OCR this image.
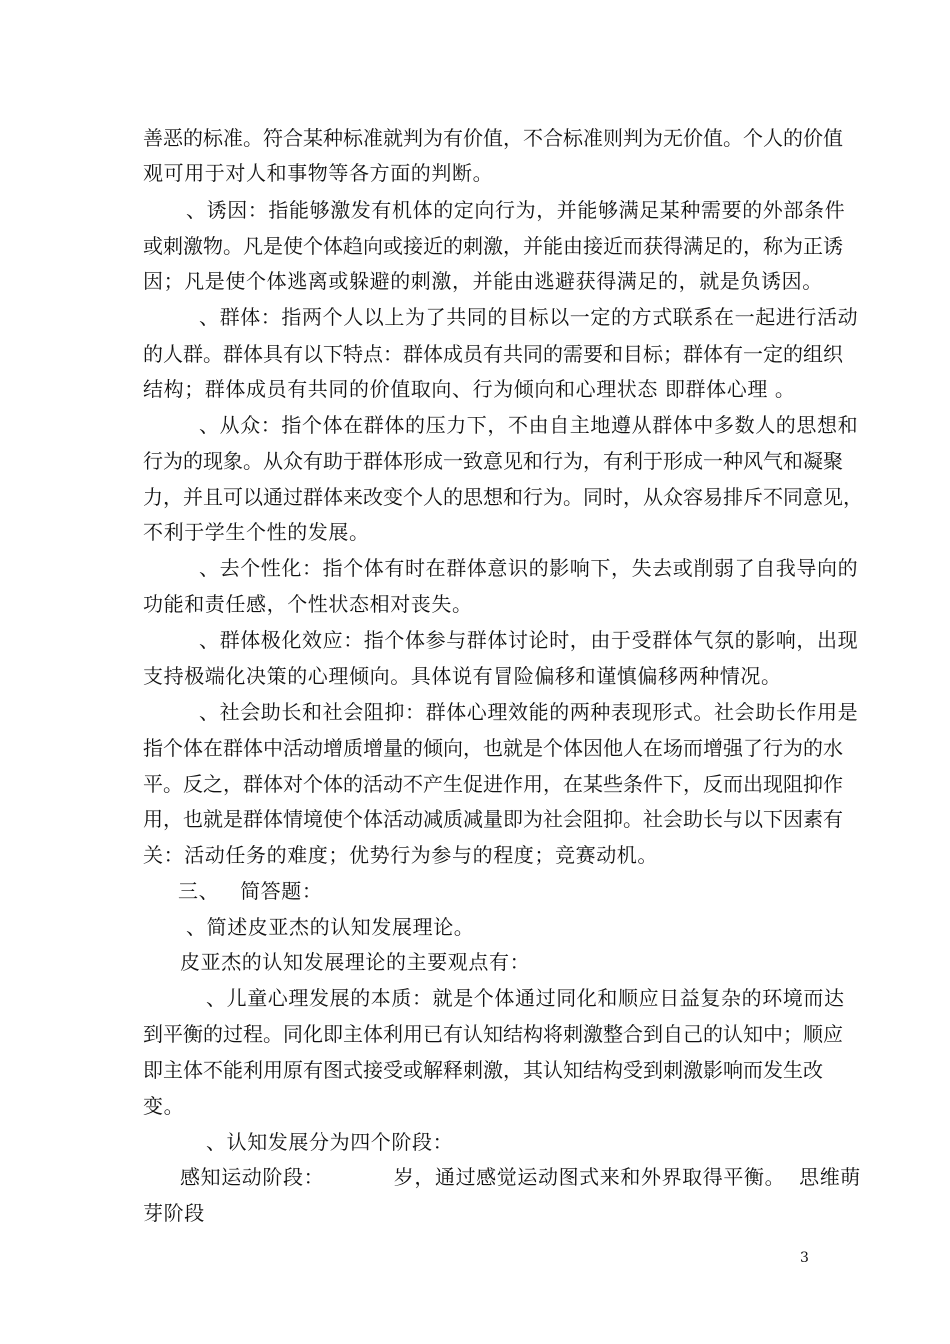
善恶的标准。符合某种标准就判为有价值，不合标准则判为无价值。个人的价值
观可用于对人和事物等各方面的判断。
、诱因：指能够激发有机体的定向行为，并能够满足某种需要的外部条件
或刺激物。凡是使个体趋向或接近的刺激，并能由接近而获得满足的，称为正诱
因；凡是使个体逃离或躲避的刺激，并能由逃避获得满足的，就是负诱因。
、群体：指两个人以上为了共同的目标以一定的方式联系在一起进行活动
的人群。群体具有以下特点：群体成员有共同的需要和目标；群体有一定的组织
结构；群体成员有共同的价值取向、行为倾向和心理状态 即群体心理 。
、从众：指个体在群体的压力下，不由自主地遵从群体中多数人的思想和
行为的现象。从众有助于群体形成一致意见和行为，有利于形成一种风气和凝聚
力，并且可以通过群体来改变个人的思想和行为。同时，从众容易排斥不同意见，
不利于学生个性的发展。
、去个性化：指个体有时在群体意识的影响下，失去或削弱了自我导向的
功能和责任感，个性状态相对丧失。
、群体极化效应：指个体参与群体讨论时，由于受群体气氛的影响，出现
支持极端化决策的心理倾向。具体说有冒险偏移和谨慎偏移两种情况。
、社会助长和社会阻抑：群体心理效能的两种表现形式。社会助长作用是
指个体在群体中活动增质增量的倾向，也就是个体因他人在场而增强了行为的水
平。反之，群体对个体的活动不产生促进作用，在某些条件下，反而出现阻抑作
用，也就是群体情境使个体活动减质减量即为社会阻抑。社会助长与以下因素有
关：活动任务的难度；优势行为参与的程度；竞赛动机。
三、   简答题：
、简述皮亚杰的认知发展理论。
皮亚杰的认知发展理论的主要观点有：
、儿童心理发展的本质：就是个体通过同化和顺应日益复杂的环境而达
到平衡的过程。同化即主体利用已有认知结构将刺激整合到自己的认知中；顺应
即主体不能利用原有图式接受或解释刺激，其认知结构受到刺激影响而发生改
变。
、认知发展分为四个阶段：
感知运动阶段：          岁，通过感觉运动图式来和外界取得平衡。  思维萌
芽阶段
3
